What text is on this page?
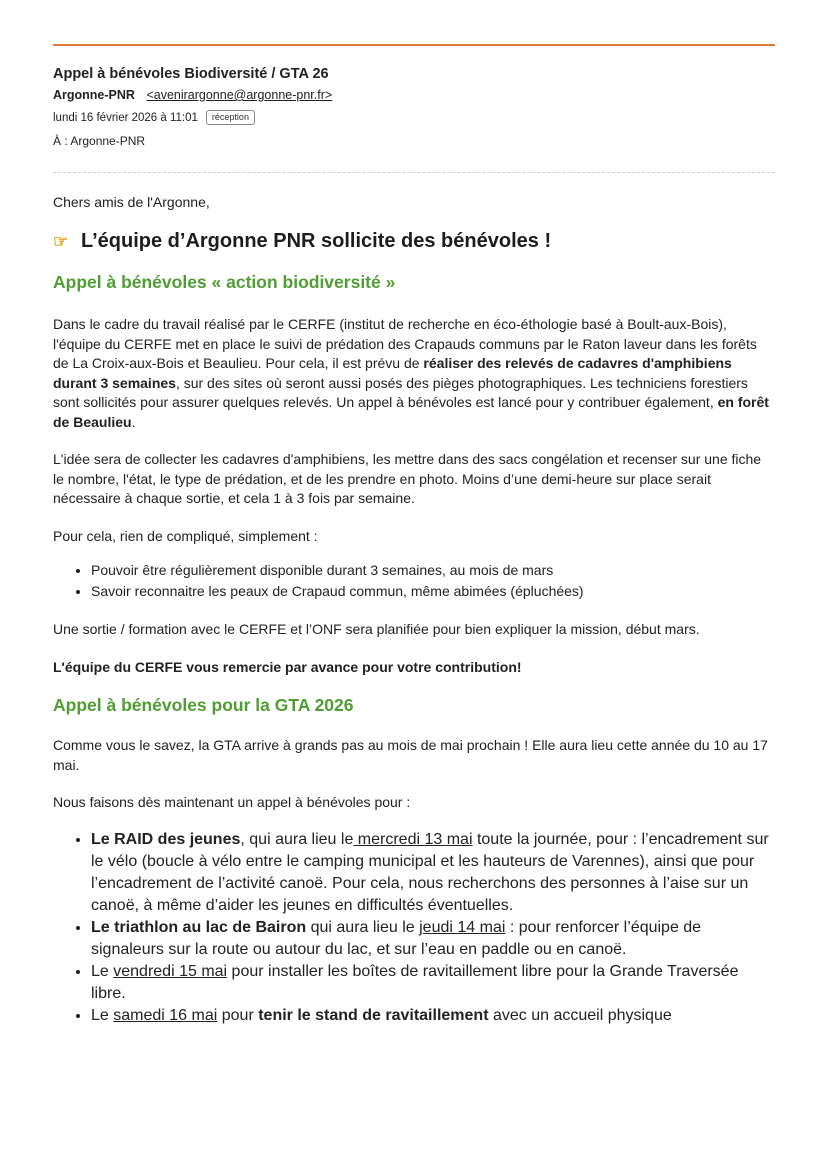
Appel à bénévoles Biodiversité / GTA 26
Argonne-PNR <avenirargonne@argonne-pnr.fr>
lundi 16 février 2026 à 11:01	réception
À : Argonne-PNR
Chers amis de l'Argonne,
☞ L’équipe d’Argonne PNR sollicite des bénévoles !
Appel à bénévoles « action biodiversité »

Dans le cadre du travail réalisé par le CERFE (institut de recherche en éco-éthologie basé à Boult-aux-Bois), l'équipe du CERFE met en place le suivi de prédation des Crapauds communs par le Raton laveur dans les forêts de La Croix-aux-Bois et Beaulieu. Pour cela, il est prévu de réaliser des relevés de cadavres d'amphibiens durant 3 semaines, sur des sites où seront aussi posés des pièges photographiques. Les techniciens forestiers sont sollicités pour assurer quelques relevés. Un appel à bénévoles est lancé pour y contribuer également, en forêt de Beaulieu.

L'idée sera de collecter les cadavres d'amphibiens, les mettre dans des sacs congélation et recenser sur une fiche le nombre, l'état, le type de prédation, et de les prendre en photo. Moins d’une demi-heure sur place serait nécessaire à chaque sortie, et cela 1 à 3 fois par semaine.

Pour cela, rien de compliqué, simplement :

• Pouvoir être régulièrement disponible durant 3 semaines, au mois de mars
• Savoir reconnaitre les peaux de Crapaud commun, même abimées (épluchées)

Une sortie / formation avec le CERFE et l’ONF sera planifiée pour bien expliquer la mission, début mars.

L'équipe du CERFE vous remercie par avance pour votre contribution!

Appel à bénévoles pour la GTA 2026

Comme vous le savez, la GTA arrive à grands pas au mois de mai prochain ! Elle aura lieu cette année du 10 au 17 mai.

Nous faisons dès maintenant un appel à bénévoles pour :

• Le RAID des jeunes, qui aura lieu le mercredi 13 mai toute la journée, pour : l’encadrement sur le vélo (boucle à vélo entre le camping municipal et les hauteurs de Varennes), ainsi que pour l’encadrement de l’activité canoë. Pour cela, nous recherchons des personnes à l’aise sur un canoë, à même d’aider les jeunes en difficultés éventuelles.
• Le triathlon au lac de Bairon qui aura lieu le jeudi 14 mai : pour renforcer l’équipe de signaleurs sur la route ou autour du lac, et sur l’eau en paddle ou en canoë.
• Le vendredi 15 mai pour installer les boîtes de ravitaillement libre pour la Grande Traversée libre.
• Le samedi 16 mai pour tenir le stand de ravitaillement avec un accueil physique
